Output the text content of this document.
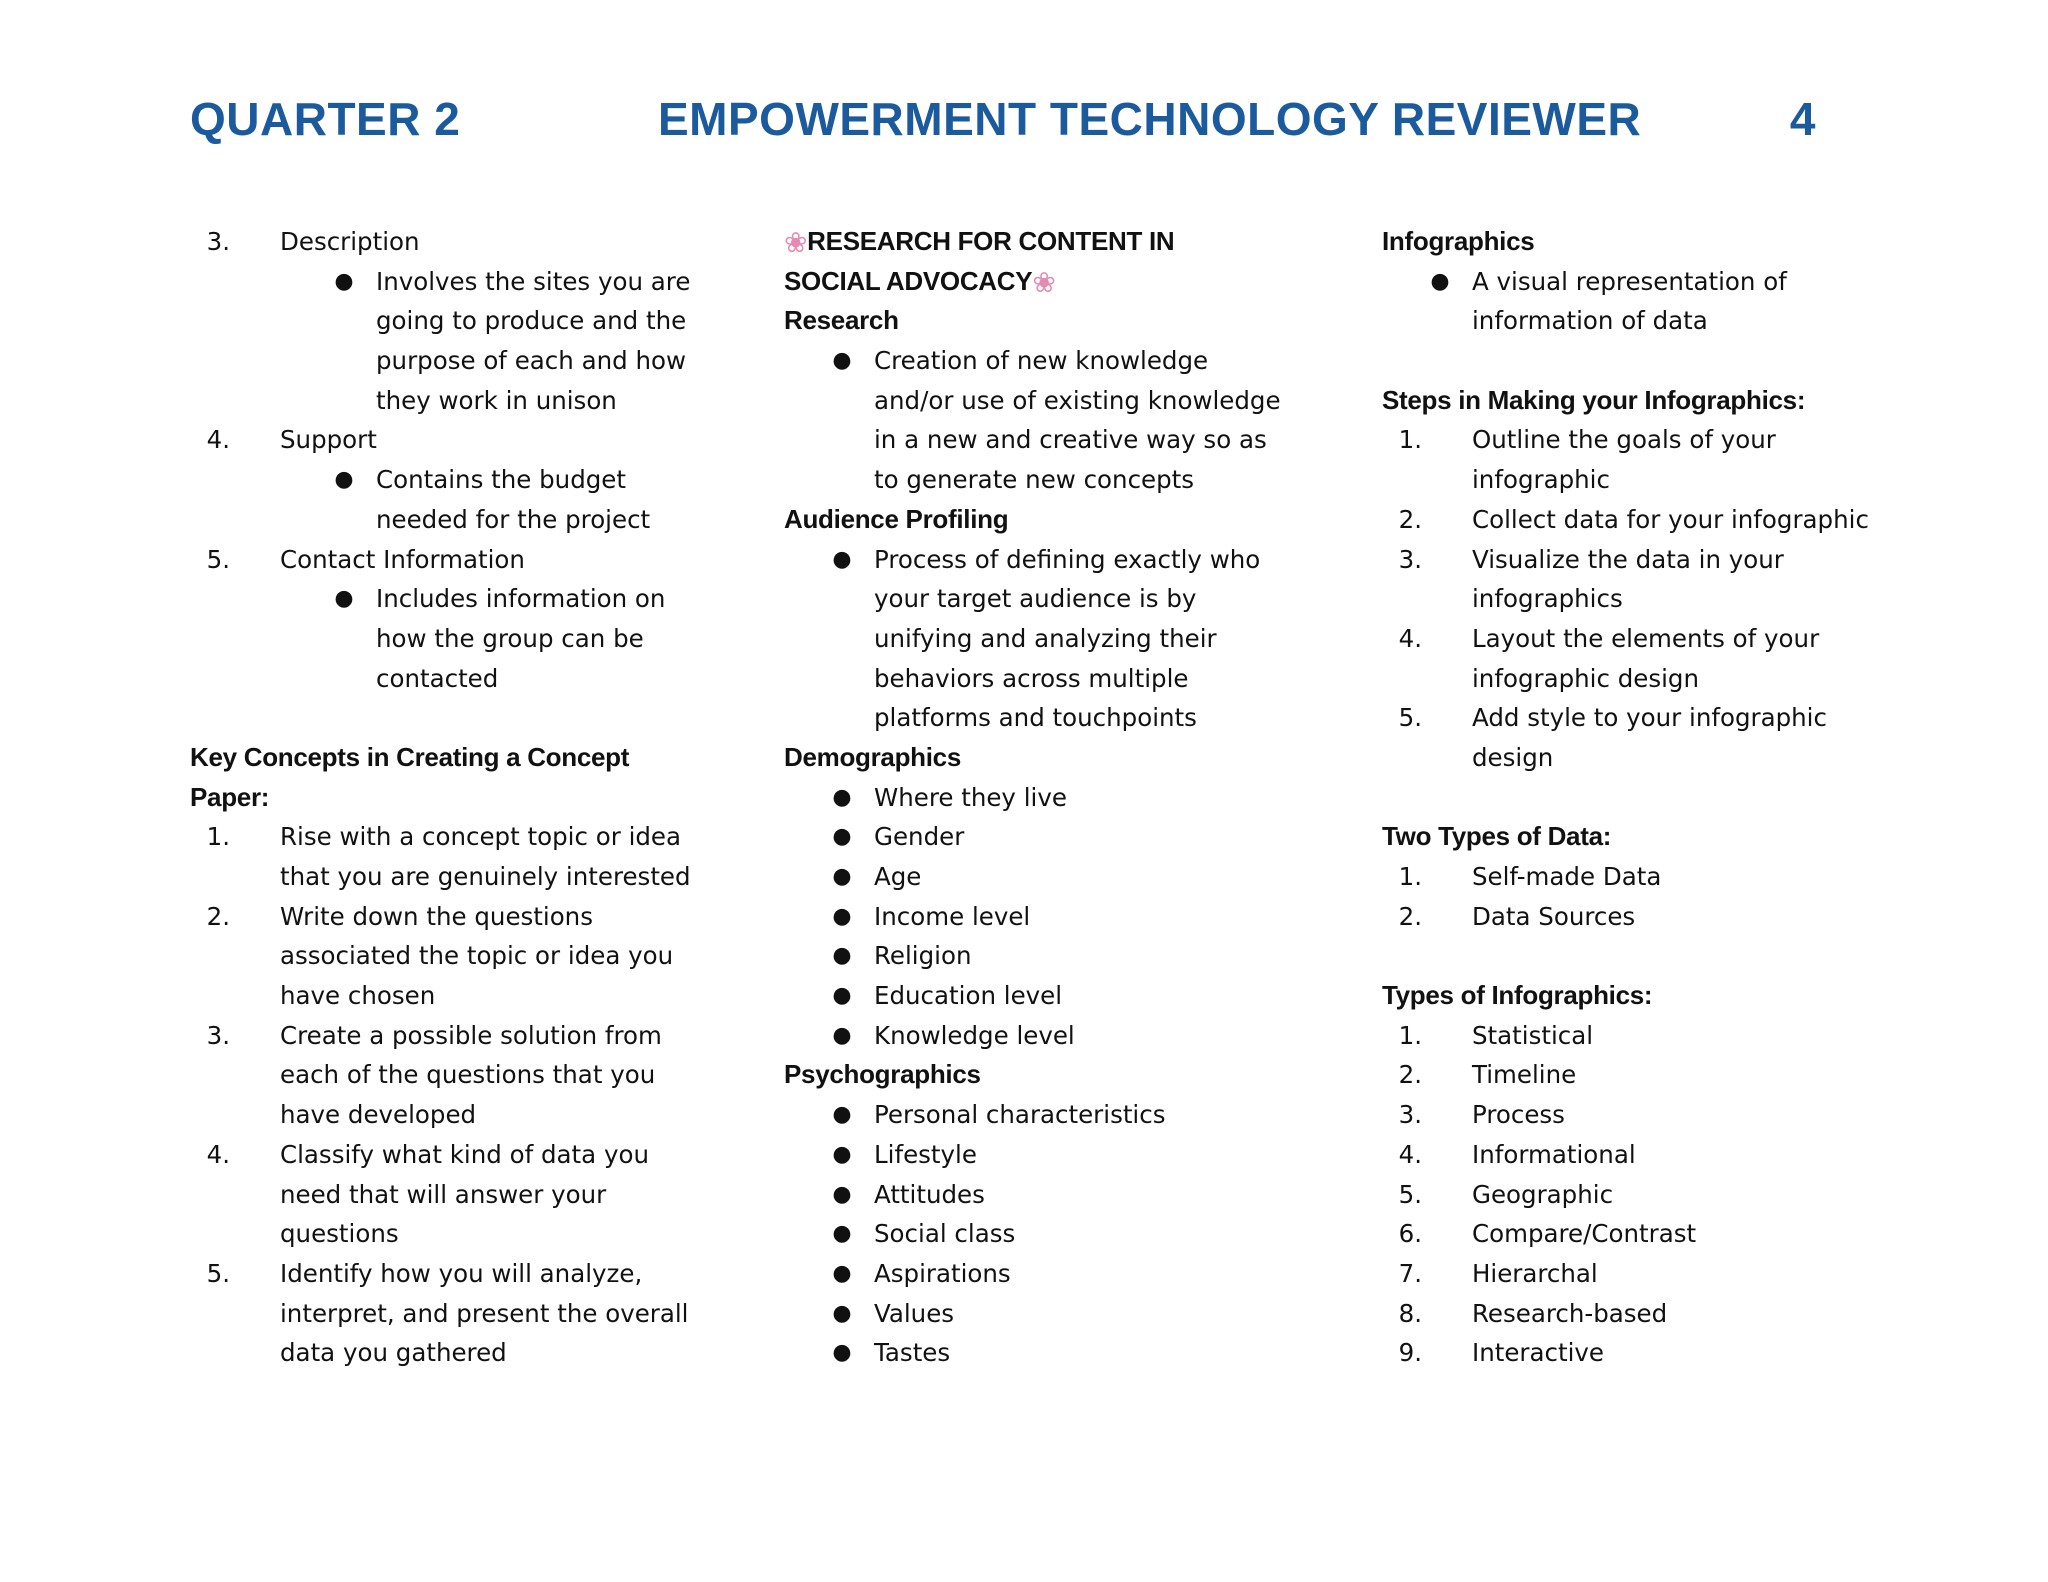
QUARTER 2	EMPOWERMENT TECHNOLOGY REVIEWER	4
3. Description
● Involves the sites you are
going to produce and the
purpose of each and how
they work in unison
4. Support
● Contains the budget
needed for the project
5. Contact Information
● Includes information on
how the group can be
contacted
Key Concepts in Creating a Concept
Paper:
1. Rise with a concept topic or idea
that you are genuinely interested
2. Write down the questions
associated the topic or idea you
have chosen
3. Create a possible solution from
each of the questions that you
have developed
4. Classify what kind of data you
need that will answer your
questions
5. Identify how you will analyze,
interpret, and present the overall
data you gathered
❀RESEARCH FOR CONTENT IN
SOCIAL ADVOCACY❀
Research
● Creation of new knowledge
and/or use of existing knowledge
in a new and creative way so as
to generate new concepts
Audience Profiling
● Process of defining exactly who
your target audience is by
unifying and analyzing their
behaviors across multiple
platforms and touchpoints
Demographics
● Where they live
● Gender
● Age
● Income level
● Religion
● Education level
● Knowledge level
Psychographics
● Personal characteristics
● Lifestyle
● Attitudes
● Social class
● Aspirations
● Values
● Tastes
Infographics
● A visual representation of
information of data
Steps in Making your Infographics:
1. Outline the goals of your
infographic
2. Collect data for your infographic
3. Visualize the data in your
infographics
4. Layout the elements of your
infographic design
5. Add style to your infographic
design
Two Types of Data:
1. Self-made Data
2. Data Sources
Types of Infographics:
1. Statistical
2. Timeline
3. Process
4. Informational
5. Geographic
6. Compare/Contrast
7. Hierarchal
8. Research-based
9. Interactive
